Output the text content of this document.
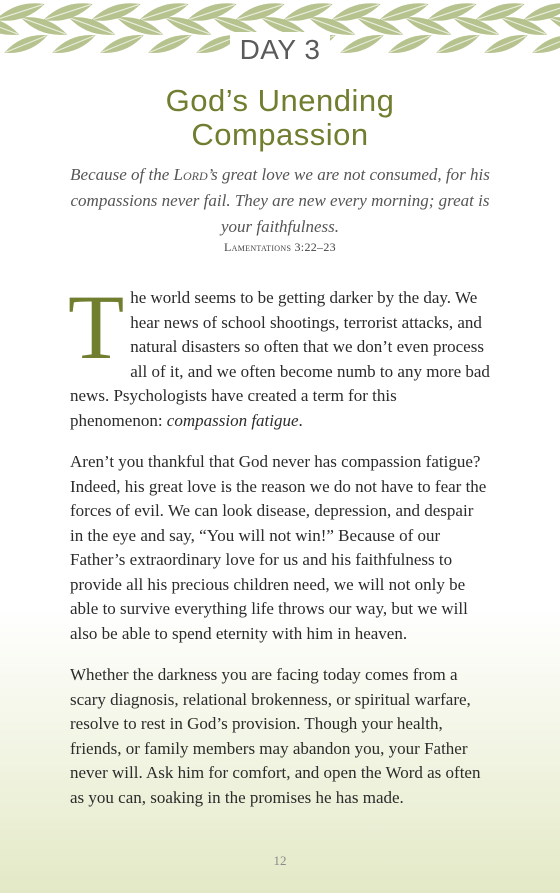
DAY 3
God’s Unending
Compassion
Because of the Lord’s great love we are not consumed, for his compassions never fail. They are new every morning; great is your faithfulness.
Lamentations 3:22–23

The world seems to be getting darker by the day. We hear news of school shootings, terrorist attacks, and natural disasters so often that we don’t even process all of it, and we often become numb to any more bad news. Psychologists have created a term for this phenomenon: compassion fatigue.

Aren’t you thankful that God never has compassion fatigue? Indeed, his great love is the reason we do not have to fear the forces of evil. We can look disease, depression, and despair in the eye and say, “You will not win!” Because of our Father’s extraordinary love for us and his faithfulness to provide all his precious children need, we will not only be able to survive everything life throws our way, but we will also be able to spend eternity with him in heaven.

Whether the darkness you are facing today comes from a scary diagnosis, relational brokenness, or spiritual warfare, resolve to rest in God’s provision. Though your health, friends, or family members may abandon you, your Father never will. Ask him for comfort, and open the Word as often as you can, soaking in the promises he has made.

12
